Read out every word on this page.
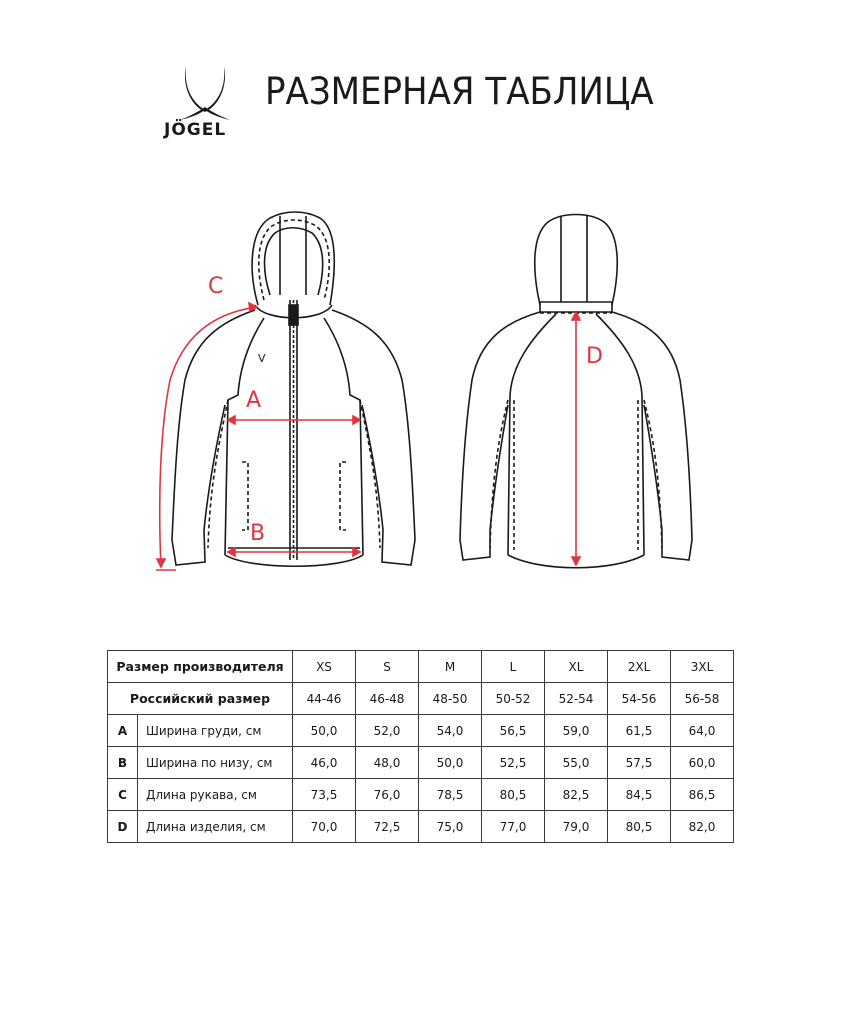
JÖGEL
РАЗМЕРНАЯ ТАБЛИЦА
V
C
A
B
D
Размер производителя		XS	S	M	L	XL	2XL	3XL
Российский размер		44-46	46-48	48-50	50-52	52-54	54-56	56-58
A	Ширина груди, см	50,0	52,0	54,0	56,5	59,0	61,5	64,0
B	Ширина по низу, см	46,0	48,0	50,0	52,5	55,0	57,5	60,0
C	Длина рукава, см	73,5	76,0	78,5	80,5	82,5	84,5	86,5
D	Длина изделия, см	70,0	72,5	75,0	77,0	79,0	80,5	82,0
